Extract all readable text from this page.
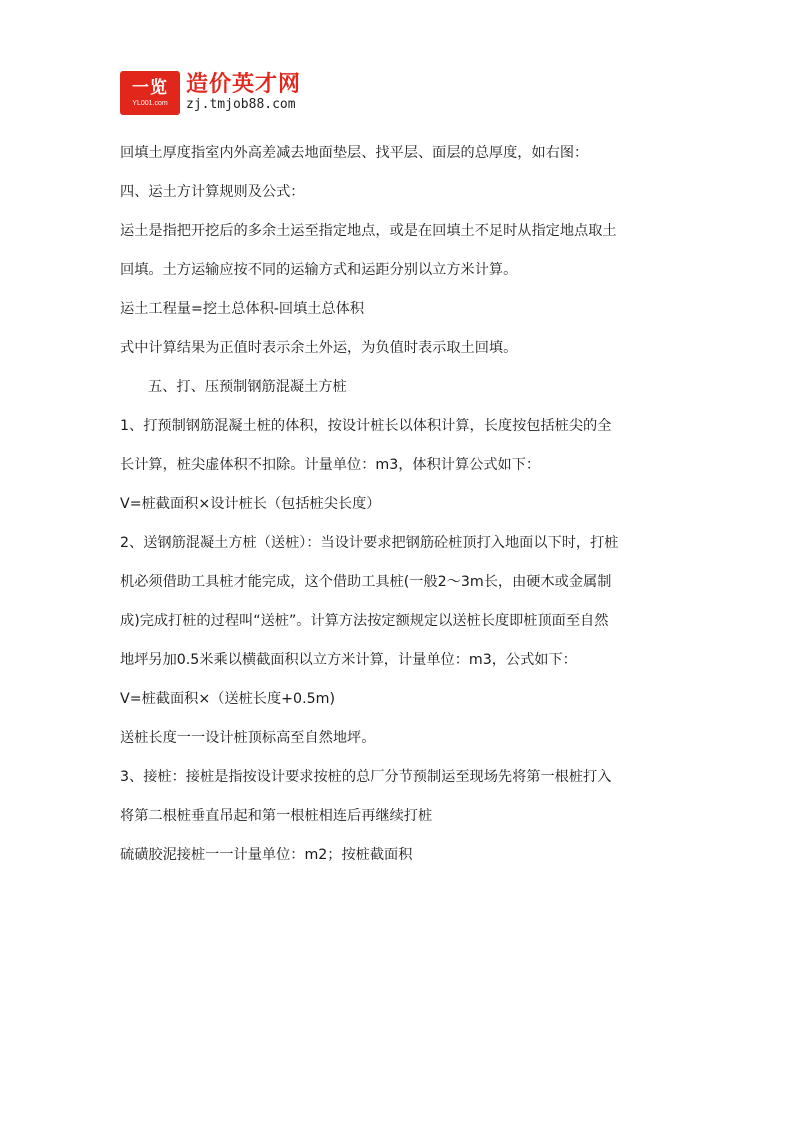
一览
YL001.com
造价英才网
zj.tmjob88.com

回填土厚度指室内外高差减去地面垫层、找平层、面层的总厚度，如右图：

四、运土方计算规则及公式：

运土是指把开挖后的多余土运至指定地点，或是在回填土不足时从指定地点取土

回填。土方运输应按不同的运输方式和运距分别以立方米计算。

运土工程量=挖土总体积-回填土总体积

式中计算结果为正值时表示余土外运，为负值时表示取土回填。

五、打、压预制钢筋混凝土方桩

1、打预制钢筋混凝土桩的体积，按设计桩长以体积计算，长度按包括桩尖的全

长计算，桩尖虚体积不扣除。计量单位：m3，体积计算公式如下：

V=桩截面积×设计桩长（包括桩尖长度）

2、送钢筋混凝土方桩（送桩）：当设计要求把钢筋砼桩顶打入地面以下时，打桩

机必须借助工具桩才能完成，这个借助工具桩(一般2～3m长，由硬木或金属制

成)完成打桩的过程叫“送桩”。计算方法按定额规定以送桩长度即桩顶面至自然

地坪另加0.5米乘以横截面积以立方米计算，计量单位：m3，公式如下：

V=桩截面积×（送桩长度+0.5m)

送桩长度一一设计桩顶标高至自然地坪。

3、接桩：接桩是指按设计要求按桩的总厂分节预制运至现场先将第一根桩打入

将第二根桩垂直吊起和第一根桩相连后再继续打桩

硫磺胶泥接桩一一计量单位：m2；按桩截面积
